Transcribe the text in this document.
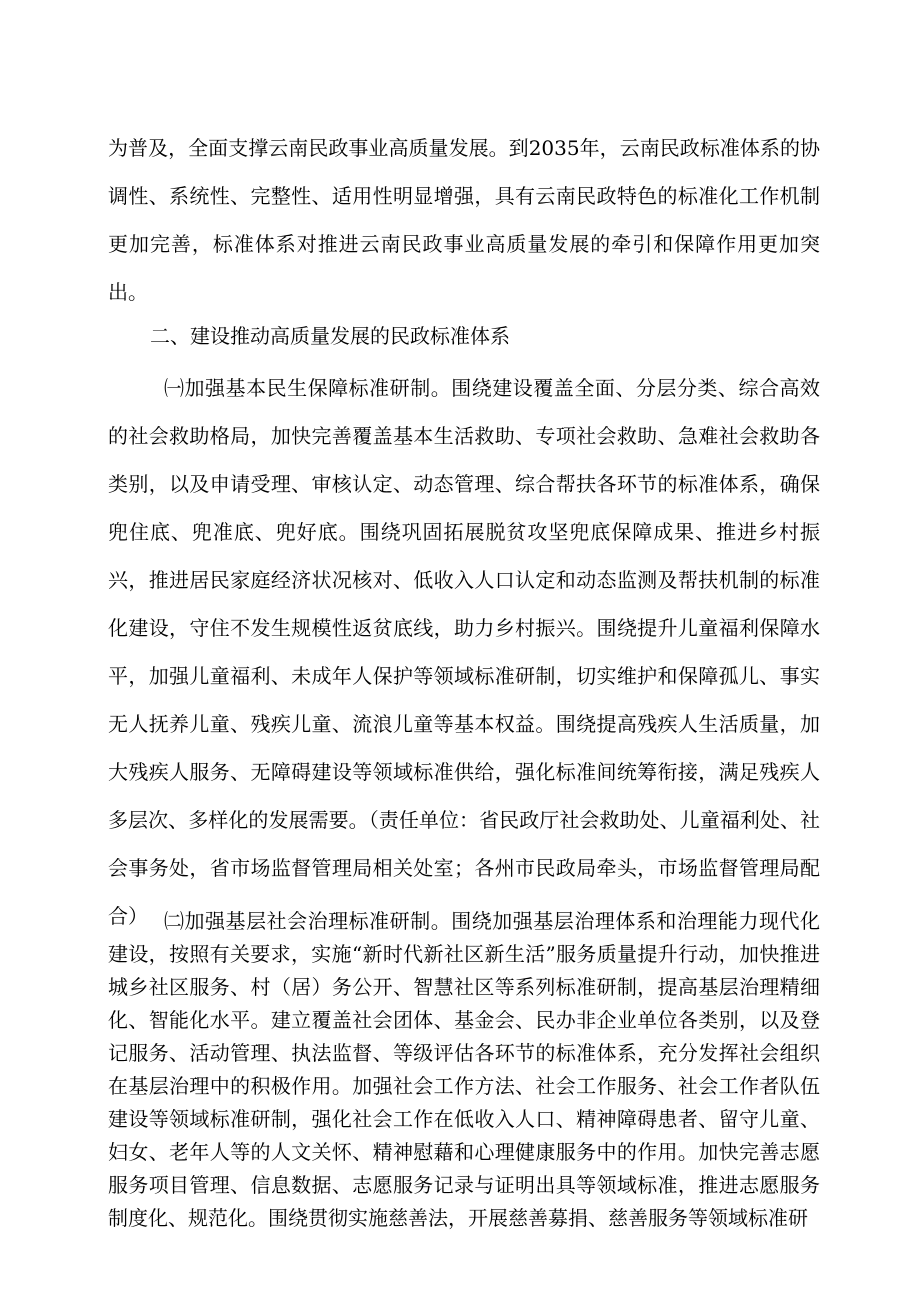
为普及，全面支撑云南民政事业高质量发展。到2035年，云南民政标准体系的协调性、系统性、完整性、适用性明显增强，具有云南民政特色的标准化工作机制更加完善，标准体系对推进云南民政事业高质量发展的牵引和保障作用更加突出。

二、建设推动高质量发展的民政标准体系

㈠加强基本民生保障标准研制。围绕建设覆盖全面、分层分类、综合高效的社会救助格局，加快完善覆盖基本生活救助、专项社会救助、急难社会救助各类别，以及申请受理、审核认定、动态管理、综合帮扶各环节的标准体系，确保兜住底、兜准底、兜好底。围绕巩固拓展脱贫攻坚兜底保障成果、推进乡村振兴，推进居民家庭经济状况核对、低收入人口认定和动态监测及帮扶机制的标准化建设，守住不发生规模性返贫底线，助力乡村振兴。围绕提升儿童福利保障水平，加强儿童福利、未成年人保护等领域标准研制，切实维护和保障孤儿、事实无人抚养儿童、残疾儿童、流浪儿童等基本权益。围绕提高残疾人生活质量，加大残疾人服务、无障碍建设等领域标准供给，强化标准间统筹衔接，满足残疾人多层次、多样化的发展需要。（责任单位：省民政厅社会救助处、儿童福利处、社会事务处，省市场监督管理局相关处室；各州市民政局牵头，市场监督管理局配合） ㈡加强基层社会治理标准研制。围绕加强基层治理体系和治理能力现代化建设，按照有关要求，实施“新时代新社区新生活”服务质量提升行动，加快推进城乡社区服务、村（居）务公开、智慧社区等系列标准研制，提高基层治理精细化、智能化水平。建立覆盖社会团体、基金会、民办非企业单位各类别，以及登记服务、活动管理、执法监督、等级评估各环节的标准体系，充分发挥社会组织在基层治理中的积极作用。加强社会工作方法、社会工作服务、社会工作者队伍建设等领域标准研制，强化社会工作在低收入人口、精神障碍患者、留守儿童、妇女、老年人等的人文关怀、精神慰藉和心理健康服务中的作用。加快完善志愿服务项目管理、信息数据、志愿服务记录与证明出具等领域标准，推进志愿服务制度化、规范化。围绕贯彻实施慈善法，开展慈善募捐、慈善服务等领域标准研
